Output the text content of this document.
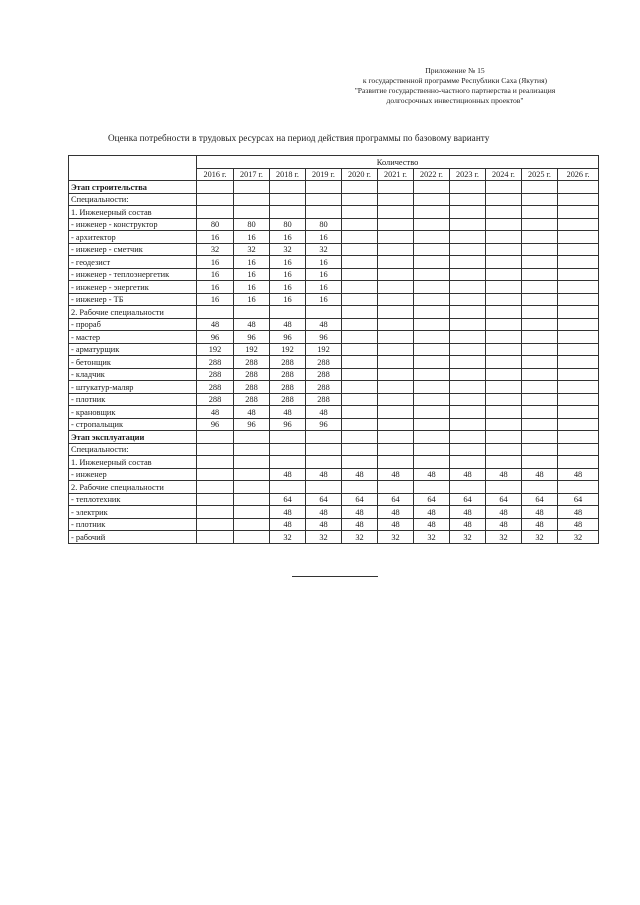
Приложение № 15
к государственной программе Республики Саха (Якутия)
"Развитие государственно-частного партнерства и реализация
долгосрочных инвестиционных проектов"
Оценка потребности в трудовых ресурсах на период действия программы по базовому варианту
	Количество										
	2016 г.	2017 г.	2018 г.	2019 г.	2020 г.	2021 г.	2022 г.	2023 г.	2024 г.	2025 г.	2026 г.
Этап строительства											
Специальности:											
1. Инженерный состав											
- инженер - конструктор	80	80	80	80							
- архитектор	16	16	16	16							
- инженер - сметчик	32	32	32	32							
- геодезист	16	16	16	16							
- инженер - теплоэнергетик	16	16	16	16							
- инженер - энергетик	16	16	16	16							
- инженер - ТБ	16	16	16	16							
2. Рабочие специальности											
- прораб	48	48	48	48							
- мастер	96	96	96	96							
- арматурщик	192	192	192	192							
- бетонщик	288	288	288	288							
- кладчик	288	288	288	288							
- штукатур-маляр	288	288	288	288							
- плотник	288	288	288	288							
- крановщик	48	48	48	48							
- стропальщик	96	96	96	96							
Этап эксплуатации											
Специальности:											
1. Инженерный состав											
- инженер			48	48	48	48	48	48	48	48	48
2. Рабочие специальности											
- теплотехник			64	64	64	64	64	64	64	64	64
- электрик			48	48	48	48	48	48	48	48	48
- плотник			48	48	48	48	48	48	48	48	48
- рабочий			32	32	32	32	32	32	32	32	32
